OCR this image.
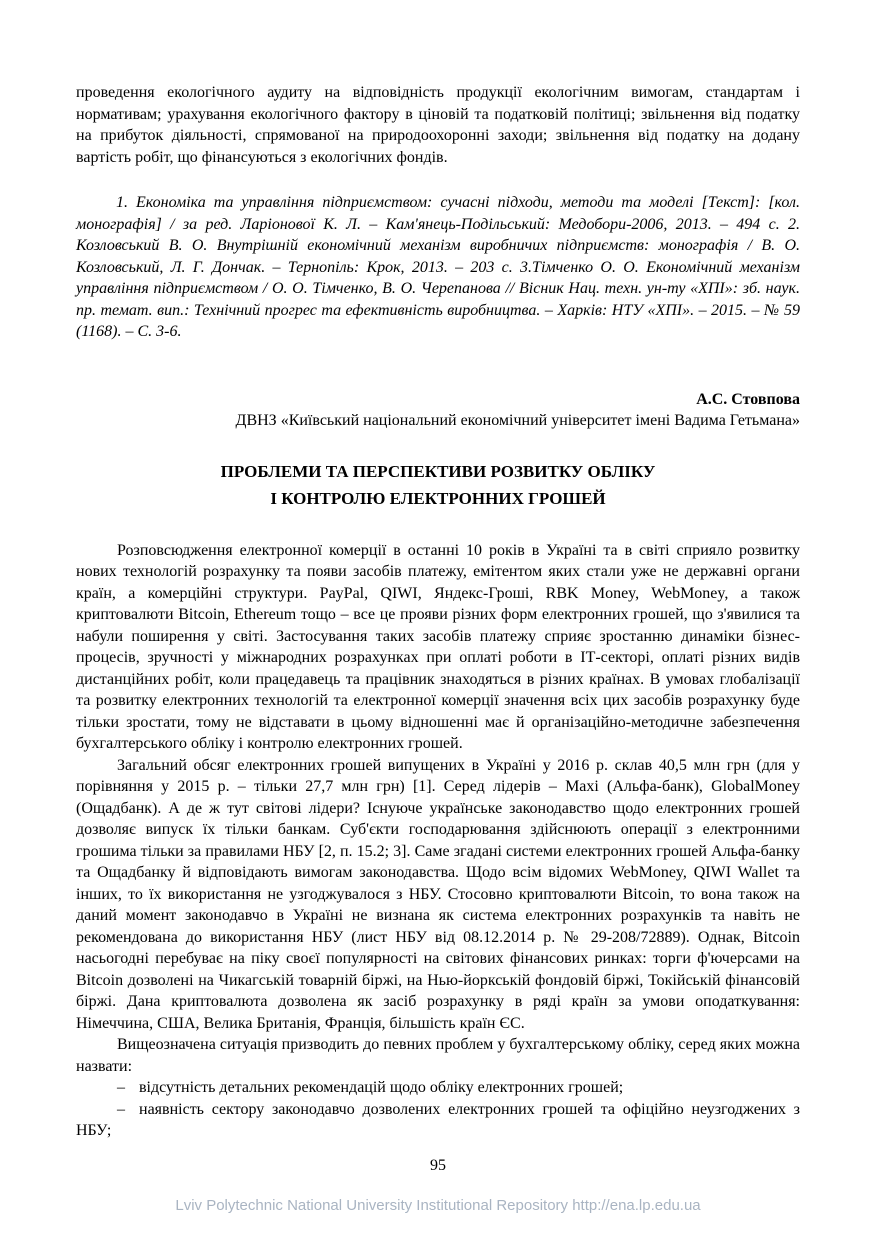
проведення екологічного аудиту на відповідність продукції екологічним вимогам, стандартам і нормативам; урахування екологічного фактору в ціновій та податковій політиці; звільнення від податку на прибуток діяльності, спрямованої на природоохоронні заходи; звільнення від податку на додану вартість робіт, що фінансуються з екологічних фондів.

1. Економіка та управління підприємством: сучасні підходи, методи та моделі [Текст]: [кол. монографія] / за ред. Ларіонової К. Л. – Кам'янець-Подільський: Медобори-2006, 2013. – 494 с. 2. Козловський В. О. Внутрішній економічний механізм виробничих підприємств: монографія / В. О. Козловський, Л. Г. Дончак. – Тернопіль: Крок, 2013. – 203 с. 3.Тімченко О. О. Економічний механізм управління підприємством / О. О. Тімченко, В. О. Черепанова // Вісник Нац. техн. ун-ту «ХПІ»: зб. наук. пр. темат. вип.: Технічний прогрес та ефективність виробництва. – Харків: НТУ «ХПІ». – 2015. – № 59 (1168). – С. 3-6.

А.С. Стовпова

ДВНЗ «Київський національний економічний університет імені Вадима Гетьмана»

ПРОБЛЕМИ ТА ПЕРСПЕКТИВИ РОЗВИТКУ ОБЛІКУ
І КОНТРОЛЮ ЕЛЕКТРОННИХ ГРОШЕЙ

Розповсюдження електронної комерції в останні 10 років в Україні та в світі сприяло розвитку нових технологій розрахунку та появи засобів платежу, емітентом яких стали уже не державні органи країн, а комерційні структури. PayPal, QIWI, Яндекс-Гроші, RBK Money, WebMoney, а також криптовалюти Bitcoin, Ethereum тощо – все це прояви різних форм електронних грошей, що з'явилися та набули поширення у світі. Застосування таких засобів платежу сприяє зростанню динаміки бізнес-процесів, зручності у міжнародних розрахунках при оплаті роботи в ІТ-секторі, оплаті різних видів дистанційних робіт, коли працедавець та працівник знаходяться в різних країнах. В умовах глобалізації та розвитку електронних технологій та електронної комерції значення всіх цих засобів розрахунку буде тільки зростати, тому не відставати в цьому відношенні має й організаційно-методичне забезпечення бухгалтерського обліку і контролю електронних грошей.

Загальний обсяг електронних грошей випущених в Україні у 2016 р. склав 40,5 млн грн (для у порівняння у 2015 р. – тільки 27,7 млн грн) [1]. Серед лідерів – Maxi (Альфа-банк), GlobalMoney (Ощадбанк). А де ж тут світові лідери? Існуюче українське законодавство щодо електронних грошей дозволяє випуск їх тільки банкам. Суб'єкти господарювання здійснюють операції з електронними грошима тільки за правилами НБУ [2, п. 15.2; 3]. Саме згадані системи електронних грошей Альфа-банку та Ощадбанку й відповідають вимогам законодавства. Щодо всім відомих WebMoney, QIWI Wallet та інших, то їх використання не узгоджувалося з НБУ. Стосовно криптовалюти Bitcoin, то вона також на даний момент законодавчо в Україні не визнана як система електронних розрахунків та навіть не рекомендована до використання НБУ (лист НБУ від 08.12.2014 р. № 29-208/72889). Однак, Bitcoin насьогодні перебуває на піку своєї популярності на світових фінансових ринках: торги ф'ючерсами на Bitcoin дозволені на Чикагській товарній біржі, на Нью-йоркській фондовій біржі, Токійській фінансовій біржі. Дана криптовалюта дозволена як засіб розрахунку в ряді країн за умови оподаткування: Німеччина, США, Велика Британія, Франція, більшість країн ЄС.

Вищеозначена ситуація призводить до певних проблем у бухгалтерському обліку, серед яких можна назвати:

– відсутність детальних рекомендацій щодо обліку електронних грошей;

– наявність сектору законодавчо дозволених електронних грошей та офіційно неузгоджених з НБУ;

95
Lviv Polytechnic National University Institutional Repository http://ena.lp.edu.ua
